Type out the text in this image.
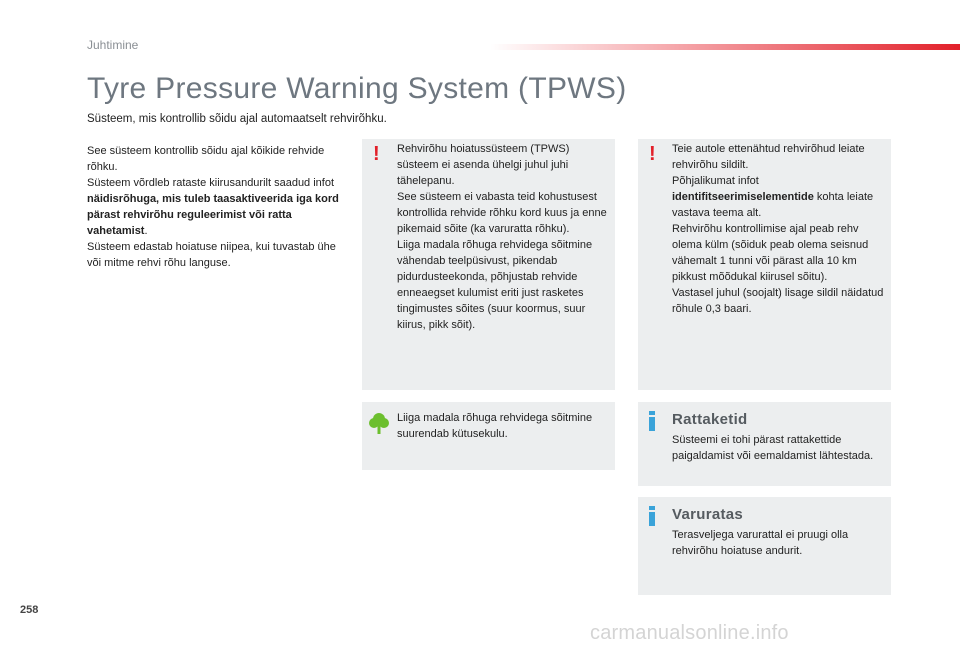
Juhtimine
Tyre Pressure Warning System (TPWS)
Süsteem, mis kontrollib sõidu ajal automaatselt rehvirõhku.

See süsteem kontrollib sõidu ajal kõikide rehvide rõhku.

Süsteem võrdleb rataste kiirusandurilt saadud infot näidisrõhuga, mis tuleb taasaktiveerida iga kord pärast rehvirõhu reguleerimist või ratta vahetamist.

Süsteem edastab hoiatuse niipea, kui tuvastab ühe või mitme rehvi rõhu languse.

! Rehvirõhu hoiatussüsteem (TPWS) süsteem ei asenda ühelgi juhul juhi tähelepanu.

See süsteem ei vabasta teid kohustusest kontrollida rehvide rõhku kord kuus ja enne pikemaid sõite (ka varuratta rõhku).

Liiga madala rõhuga rehvidega sõitmine vähendab teelpüsivust, pikendab pidurdusteekonda, põhjustab rehvide enneaegset kulumist eriti just rasketes tingimustes sõites (suur koormus, suur kiirus, pikk sõit).

! Teie autole ettenähtud rehvirõhud leiate rehvirõhu sildilt.

Põhjalikumat infot identifitseerimiselementide kohta leiate vastava teema alt.

Rehvirõhu kontrollimise ajal peab rehv olema külm (sõiduk peab olema seisnud vähemalt 1 tunni või pärast alla 10 km pikkust mõõdukal kiirusel sõitu).

Vastasel juhul (soojalt) lisage sildil näidatud rõhule 0,3 baari.

Liiga madala rõhuga rehvidega sõitmine suurendab kütusekulu.
Rattaketid
Süsteemi ei tohi pärast rattakettide paigaldamist või eemaldamist lähtestada.
Varuratas
Terasveljega varurattal ei pruugi olla rehvirõhu hoiatuse andurit.
258
carmanualsonline.info
